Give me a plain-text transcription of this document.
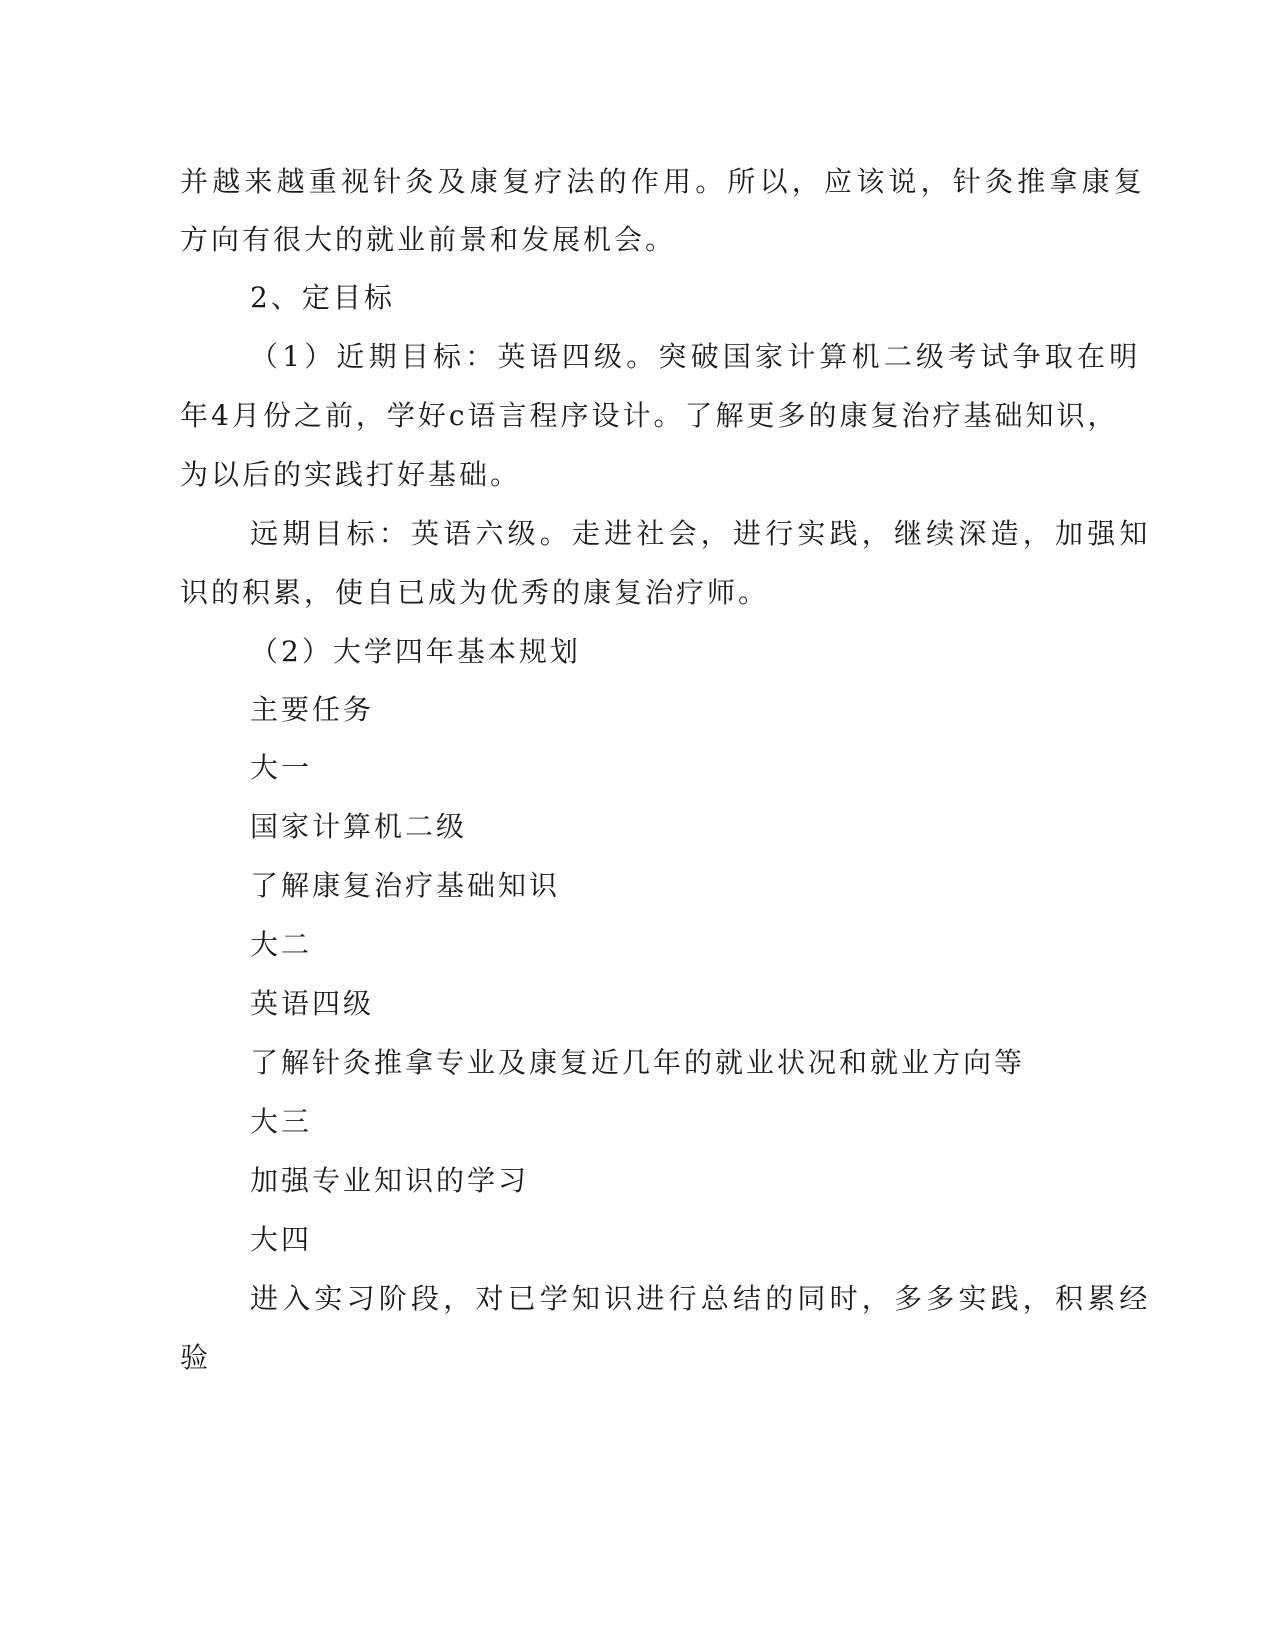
并越来越重视针灸及康复疗法的作用。所以，应该说，针灸推拿康复
方向有很大的就业前景和发展机会。
2、定目标
（1）近期目标：英语四级。突破国家计算机二级考试争取在明
年4月份之前，学好c语言程序设计。了解更多的康复治疗基础知识，
为以后的实践打好基础。
远期目标：英语六级。走进社会，进行实践，继续深造，加强知
识的积累，使自已成为优秀的康复治疗师。
（2）大学四年基本规划
主要任务
大一
国家计算机二级
了解康复治疗基础知识
大二
英语四级
了解针灸推拿专业及康复近几年的就业状况和就业方向等
大三
加强专业知识的学习
大四
进入实习阶段，对已学知识进行总结的同时，多多实践，积累经
验
